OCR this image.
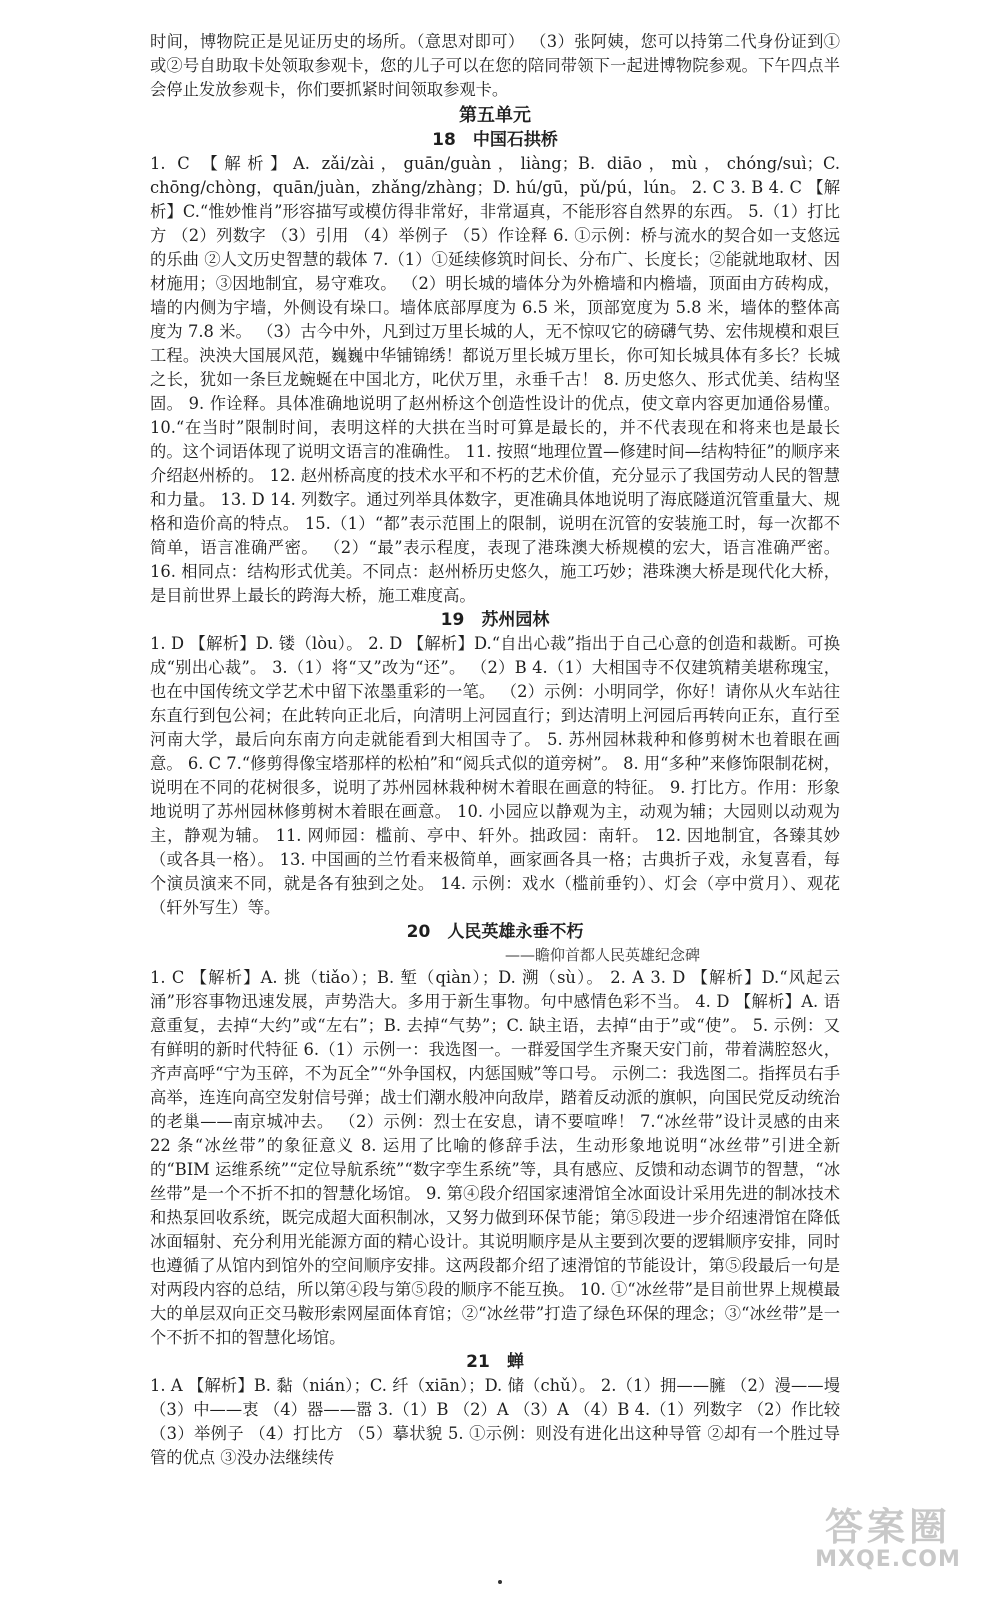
时间，博物院正是见证历史的场所。（意思对即可） （3）张阿姨，您可以持第二代身份证到①或②号自助取卡处领取参观卡，您的儿子可以在您的陪同带领下一起进博物院参观。下午四点半会停止发放参观卡，你们要抓紧时间领取参观卡。

第五单元
18　中国石拱桥

1. C 【解析】A. zǎi/zài，guān/guàn，liàng；B. diāo，mù，chóng/suì；C. chōng/chòng，quān/juàn，zhǎng/zhàng；D. hú/gū，pǔ/pú，lún。 2. C 3. B 4. C 【解析】C.“惟妙惟肖”形容描写或模仿得非常好，非常逼真，不能形容自然界的东西。 5.（1）打比方 （2）列数字 （3）引用 （4）举例子 （5）作诠释 6. ①示例：桥与流水的契合如一支悠远的乐曲 ②人文历史智慧的载体 7.（1）①延续修筑时间长、分布广、长度长；②能就地取材、因材施用；③因地制宜，易守难攻。 （2）明长城的墙体分为外檐墙和内檐墙，顶面由方砖构成，墙的内侧为宇墙，外侧设有垛口。墙体底部厚度为 6.5 米，顶部宽度为 5.8 米，墙体的整体高度为 7.8 米。 （3）古今中外，凡到过万里长城的人，无不惊叹它的磅礴气势、宏伟规模和艰巨工程。泱泱大国展风范，巍巍中华铺锦绣！都说万里长城万里长，你可知长城具体有多长？长城之长，犹如一条巨龙蜿蜒在中国北方，叱伏万里，永垂千古！ 8. 历史悠久、形式优美、结构坚固。 9. 作诠释。具体准确地说明了赵州桥这个创造性设计的优点，使文章内容更加通俗易懂。 10.“在当时”限制时间，表明这样的大拱在当时可算是最长的，并不代表现在和将来也是最长的。这个词语体现了说明文语言的准确性。 11. 按照“地理位置—修建时间—结构特征”的顺序来介绍赵州桥的。 12. 赵州桥高度的技术水平和不朽的艺术价值，充分显示了我国劳动人民的智慧和力量。 13. D 14. 列数字。通过列举具体数字，更准确具体地说明了海底隧道沉管重量大、规格和造价高的特点。 15.（1）“都”表示范围上的限制，说明在沉管的安装施工时，每一次都不简单，语言准确严密。 （2）“最”表示程度，表现了港珠澳大桥规模的宏大，语言准确严密。 16. 相同点：结构形式优美。不同点：赵州桥历史悠久，施工巧妙；港珠澳大桥是现代化大桥，是目前世界上最长的跨海大桥，施工难度高。

19　苏州园林

1. D 【解析】D. 镂（lòu）。 2. D 【解析】D.“自出心裁”指出于自己心意的创造和裁断。可换成“别出心裁”。 3.（1）将“又”改为“还”。 （2）B 4.（1）大相国寺不仅建筑精美堪称瑰宝，也在中国传统文学艺术中留下浓墨重彩的一笔。 （2）示例：小明同学，你好！请你从火车站往东直行到包公祠；在此转向正北后，向清明上河园直行；到达清明上河园后再转向正东，直行至河南大学，最后向东南方向走就能看到大相国寺了。 5. 苏州园林栽种和修剪树木也着眼在画意。 6. C 7.“修剪得像宝塔那样的松柏”和“阅兵式似的道旁树”。 8. 用“多种”来修饰限制花树，说明在不同的花树很多，说明了苏州园林栽种树木着眼在画意的特征。 9. 打比方。作用：形象地说明了苏州园林修剪树木着眼在画意。 10. 小园应以静观为主，动观为辅；大园则以动观为主，静观为辅。 11. 网师园：槛前、亭中、轩外。拙政园：南轩。 12. 因地制宜，各臻其妙（或各具一格）。 13. 中国画的兰竹看来极简单，画家画各具一格；古典折子戏，永复喜看，每个演员演来不同，就是各有独到之处。 14. 示例：戏水（槛前垂钓）、灯会（亭中赏月）、观花（轩外写生）等。

20　人民英雄永垂不朽
——瞻仰首都人民英雄纪念碑

1. C 【解析】A. 挑（tiǎo）；B. 堑（qiàn）；D. 溯（sù）。 2. A 3. D 【解析】D.“风起云涌”形容事物迅速发展，声势浩大。多用于新生事物。句中感情色彩不当。 4. D 【解析】A. 语意重复，去掉“大约”或“左右”；B. 去掉“气势”；C. 缺主语，去掉“由于”或“使”。 5. 示例：又有鲜明的新时代特征 6.（1）示例一：我选图一。一群爱国学生齐聚天安门前，带着满腔怒火，齐声高呼“宁为玉碎，不为瓦全”“外争国权，内惩国贼”等口号。 示例二：我选图二。指挥员右手高举，连连向高空发射信号弹；战士们潮水般冲向敌岸，踏着反动派的旗帜，向国民党反动统治的老巢——南京城冲去。 （2）示例：烈士在安息，请不要喧哗！ 7.“冰丝带”设计灵感的由来 22 条“冰丝带”的象征意义 8. 运用了比喻的修辞手法，生动形象地说明“冰丝带”引进全新的“BIM 运维系统”“定位导航系统”“数字孪生系统”等，具有感应、反馈和动态调节的智慧，“冰丝带”是一个不折不扣的智慧化场馆。 9. 第④段介绍国家速滑馆全冰面设计采用先进的制冰技术和热泵回收系统，既完成超大面积制冰，又努力做到环保节能；第⑤段进一步介绍速滑馆在降低冰面辐射、充分利用光能源方面的精心设计。其说明顺序是从主要到次要的逻辑顺序安排，同时也遵循了从馆内到馆外的空间顺序安排。这两段都介绍了速滑馆的节能设计，第⑤段最后一句是对两段内容的总结，所以第④段与第⑤段的顺序不能互换。 10. ①“冰丝带”是目前世界上规模最大的单层双向正交马鞍形索网屋面体育馆；②“冰丝带”打造了绿色环保的理念；③“冰丝带”是一个不折不扣的智慧化场馆。

21　蝉

1. A 【解析】B. 黏（nián）；C. 纤（xiān）；D. 储（chǔ）。 2.（1）拥——臃 （2）漫——墁 （3）中——衷 （4）器——嚣 3.（1）B （2）A （3）A （4）B 4.（1）列数字 （2）作比较 （3）举例子 （4）打比方 （5）摹状貌 5. ①示例：则没有进化出这种导管 ②却有一个胜过导管的优点 ③没办法继续传

答案圈
MXQE.COM
